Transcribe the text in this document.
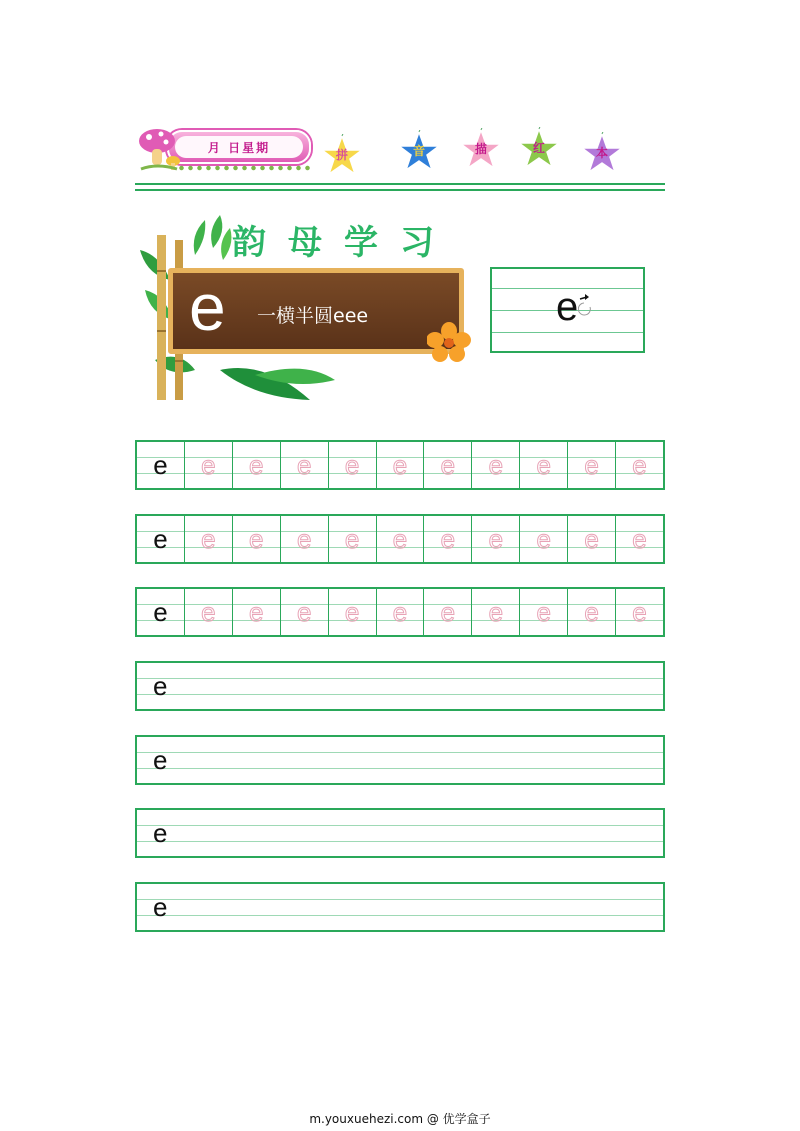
月 日星期
拼	音	描	红	本
韵母学习
e 一横半圆eee	e
e	e	e	e	e	e	e	e	e	e	e
e	e	e	e	e	e	e	e	e	e	e
e	e	e	e	e	e	e	e	e	e	e
e
e
e
e
m.youxuehezi.com @ 优学盒子
